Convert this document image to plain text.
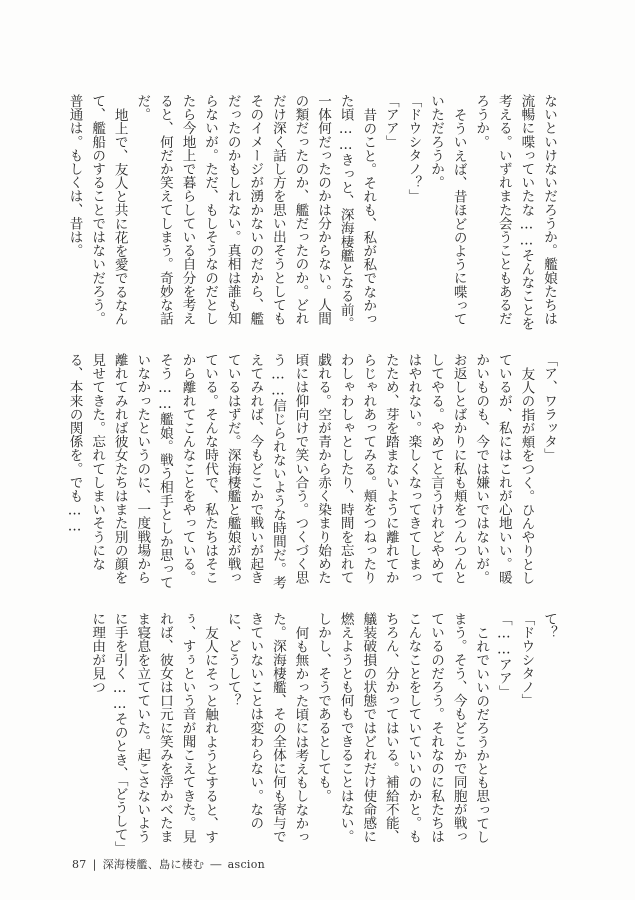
ないといけないだろうか。艦娘たちは流暢に喋っていたな……そんなことを考える。いずれまた会うこともあるだろうか。

そういえば、昔ほどのように喋っていただろうか。

「ドウシタノ？」

「アア」

昔のこと。それも、私が私でなかった頃……きっと、深海棲艦となる前。一体何だったのかは分からない。人間の類だったのか、艦だったのか。どれだけ深く話し方を思い出そうとしてもそのイメージが湧かないのだから、艦だったのかもしれない。真相は誰も知らないが。ただ、もしそうなのだとしたら今地上で暮らしている自分を考えると、何だか笑えてしまう。奇妙な話だ。

地上で、友人と共に花を愛でるなんて、艦船のすることではないだろう。普通は。もしくは、昔は。

「ア、ワラッタ」

友人の指が頬をつく。ひんやりとしているが、私にはこれが心地いい。暖かいものも、今では嫌いではないが。お返しとばかりに私も頬をつんつんとしてやる。やめてと言うけれどやめてはやれない。楽しくなってきてしまったため、芽を踏まないように離れてからじゃれあってみる。頬をつねったりわしゃわしゃとしたり、時間を忘れて戯れる。空が青から赤く染まり始めた頃には仰向けで笑い合う。つくづく思う……信じられないような時間だ。考えてみれば、今もどこかで戦いが起きているはずだ。深海棲艦と艦娘が戦っている。そんな時代で、私たちはそこから離れてこんなことをやっている。そう……艦娘。戦う相手としか思っていなかったというのに、一度戦場から離れてみれば彼女たちはまた別の顔を見せてきた。忘れてしまいそうになる、本来の関係を。でも……

て？

「ドウシタノ」

「……アア」

これでいいのだろうかとも思ってしまう。そう、今もどこかで同胞が戦っているのだろう。それなのに私たちはこんなことをしていていいのかと。もちろん、分かってはいる。補給不能、艤装破損の状態ではどれだけ使命感に燃えようとも何もできることはない。しかし、そうであるとしても。

何も無かった頃には考えもしなかった。深海棲艦、その全体に何も寄与できていないことは変わらない。なのに、どうして？

友人にそっと触れようとすると、すぅ、すぅという音が聞こえてきた。見れば、彼女は口元に笑みを浮かべたまま寝息を立てていた。起こさないように手を引く……そのとき、「どうして」に理由が見つ

87 | 深海棲艦、島に棲む ― ascion
